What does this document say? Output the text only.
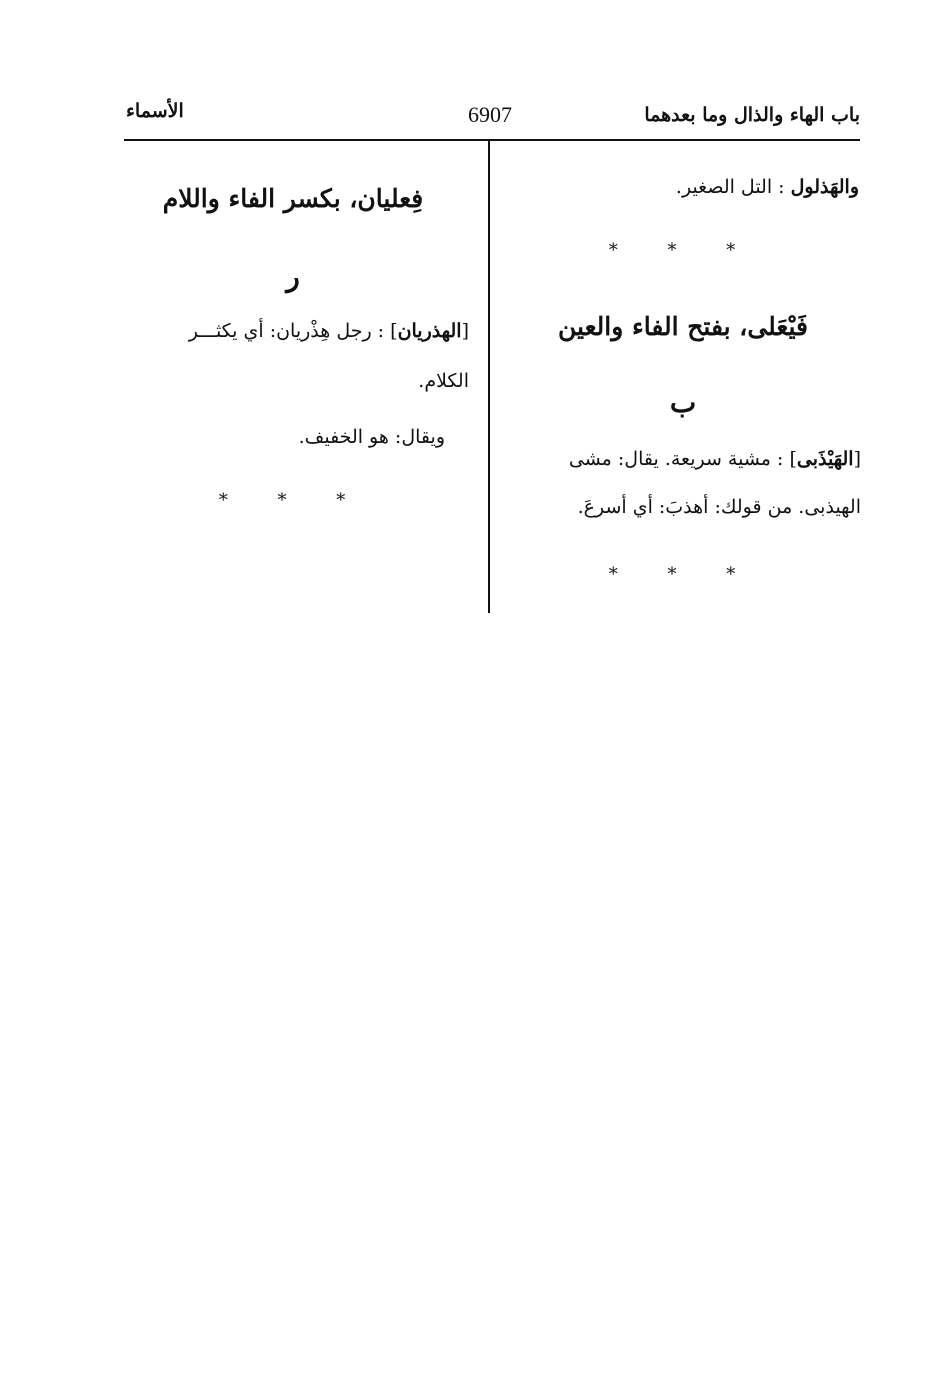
باب الهاء والذال وما بعدهما
6907
الأسماء
والهَذلول : التل الصغير.
* * *
فَيْعَلى، بفتح الفاء والعين
ب
[الهَيْذَبى] : مشية سريعة. يقال: مشى
الهيذبى. من قولك: أهذبَ: أي أسرعَ.
* * *
فِعليان، بكسر الفاء واللام
ر
[الهذريان] : رجل هِذْريان: أي يكثـــر
الكلام.
ويقال: هو الخفيف.
* * *
